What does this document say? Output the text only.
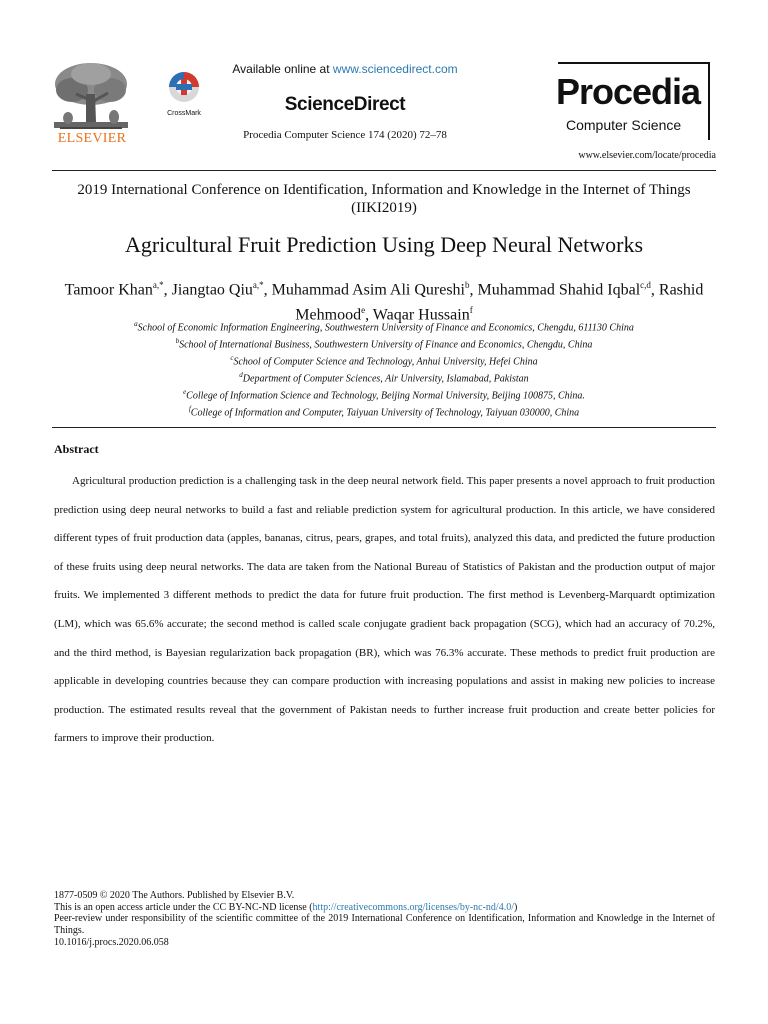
ELSEVIER
CrossMark
Available online at www.sciencedirect.com
ScienceDirect
Procedia Computer Science 174 (2020) 72–78
Procedia
Computer Science
www.elsevier.com/locate/procedia
2019 International Conference on Identification, Information and Knowledge in the Internet of Things (IIKI2019)
Agricultural Fruit Prediction Using Deep Neural Networks
Tamoor Khan$^{a,*}$, Jiangtao Qiu$^{a,*}$, Muhammad Asim Ali Qureshi$^b$, Muhammad Shahid Iqbal$^{c,d}$, Rashid Mehmood$^e$, Waqar Hussain$^f$
$^a$School of Economic Information Engineering, Southwestern University of Finance and Economics, Chengdu, 611130 China
$^b$School of International Business, Southwestern University of Finance and Economics, Chengdu, China
$^c$School of Computer Science and Technology, Anhui University, Hefei China
$^d$Department of Computer Sciences, Air University, Islamabad, Pakistan
$^e$College of Information Science and Technology, Beijing Normal University, Beijing 100875, China.
$^f$College of Information and Computer, Taiyuan University of Technology, Taiyuan 030000, China
Abstract
Agricultural production prediction is a challenging task in the deep neural network field. This paper presents a novel approach to fruit production prediction using deep neural networks to build a fast and reliable prediction system for agricultural production. In this article, we have considered different types of fruit production data (apples, bananas, citrus, pears, grapes, and total fruits), analyzed this data, and predicted the future production of these fruits using deep neural networks. The data are taken from the National Bureau of Statistics of Pakistan and the production output of major fruits. We implemented 3 different methods to predict the data for future fruit production. The first method is Levenberg-Marquardt optimization (LM), which was 65.6% accurate; the second method is called scale conjugate gradient back propagation (SCG), which had an accuracy of 70.2%, and the third method, is Bayesian regularization back propagation (BR), which was 76.3% accurate. These methods to predict fruit production are applicable in developing countries because they can compare production with increasing populations and assist in making new policies to increase production. The estimated results reveal that the government of Pakistan needs to further increase fruit production and create better policies for farmers to improve their production.
1877-0509 © 2020 The Authors. Published by Elsevier B.V.
This is an open access article under the CC BY-NC-ND license (http://creativecommons.org/licenses/by-nc-nd/4.0/)
Peer-review under responsibility of the scientific committee of the 2019 International Conference on Identification, Information and Knowledge in the Internet of Things.
10.1016/j.procs.2020.06.058
